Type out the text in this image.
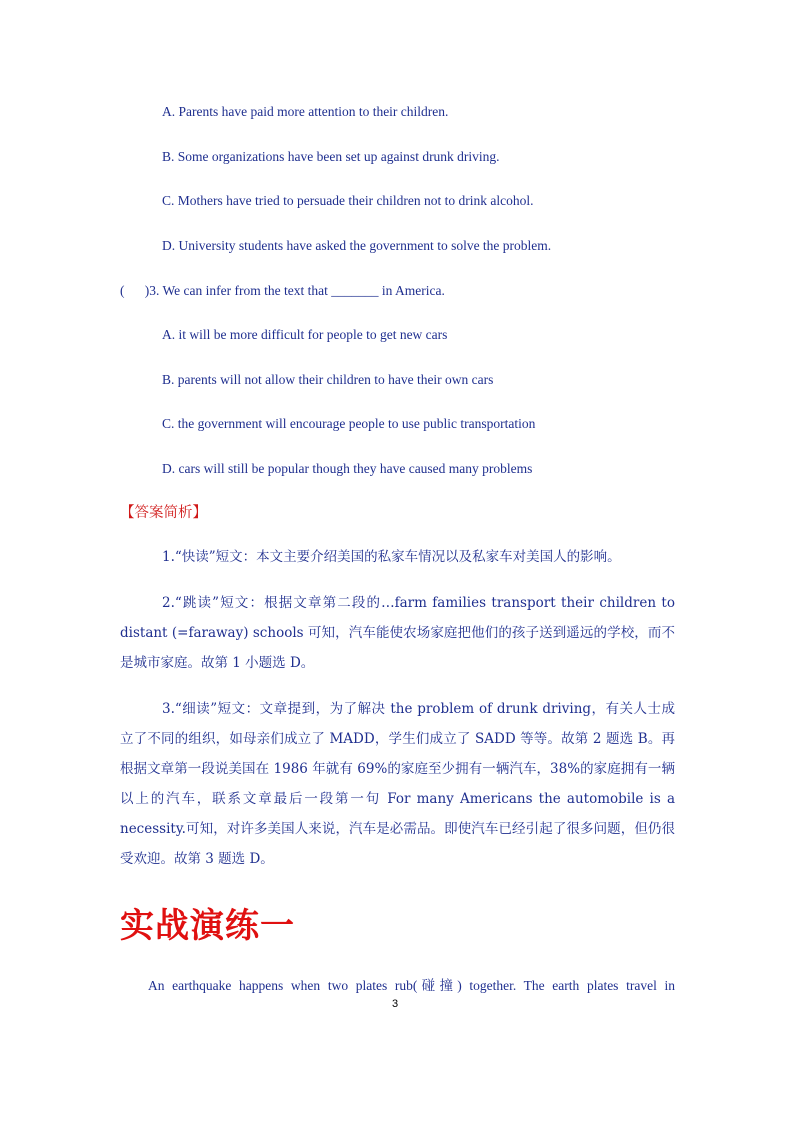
A. Parents have paid more attention to their children.
B. Some organizations have been set up against drunk driving.
C. Mothers have tried to persuade their children not to drink alcohol.
D. University students have asked the government to solve the problem.
(      )3. We can infer from the text that _______ in America.
A. it will be more difficult for people to get new cars
B. parents will not allow their children to have their own cars
C. the government will encourage people to use public transportation
D. cars will still be popular though they have caused many problems
【答案简析】

1.“快读”短文：本文主要介绍美国的私家车情况以及私家车对美国人的影响。

2.“跳读”短文：根据文章第二段的…farm families transport their children to distant (=faraway) schools 可知，汽车能使农场家庭把他们的孩子送到遥远的学校，而不是城市家庭。故第 1 小题选 D。

3.“细读”短文：文章提到，为了解决 the problem of drunk driving，有关人士成立了不同的组织，如母亲们成立了 MADD，学生们成立了 SADD 等等。故第 2 题选 B。再根据文章第一段说美国在 1986 年就有 69%的家庭至少拥有一辆汽车，38%的家庭拥有一辆以上的汽车，联系文章最后一段第一句 For many Americans the automobile is a necessity.可知，对许多美国人来说，汽车是必需品。即使汽车已经引起了很多问题，但仍很受欢迎。故第 3 题选 D。

实战演练一
An earthquake happens when two plates rub(碰撞) together. The earth plates travel in
3
